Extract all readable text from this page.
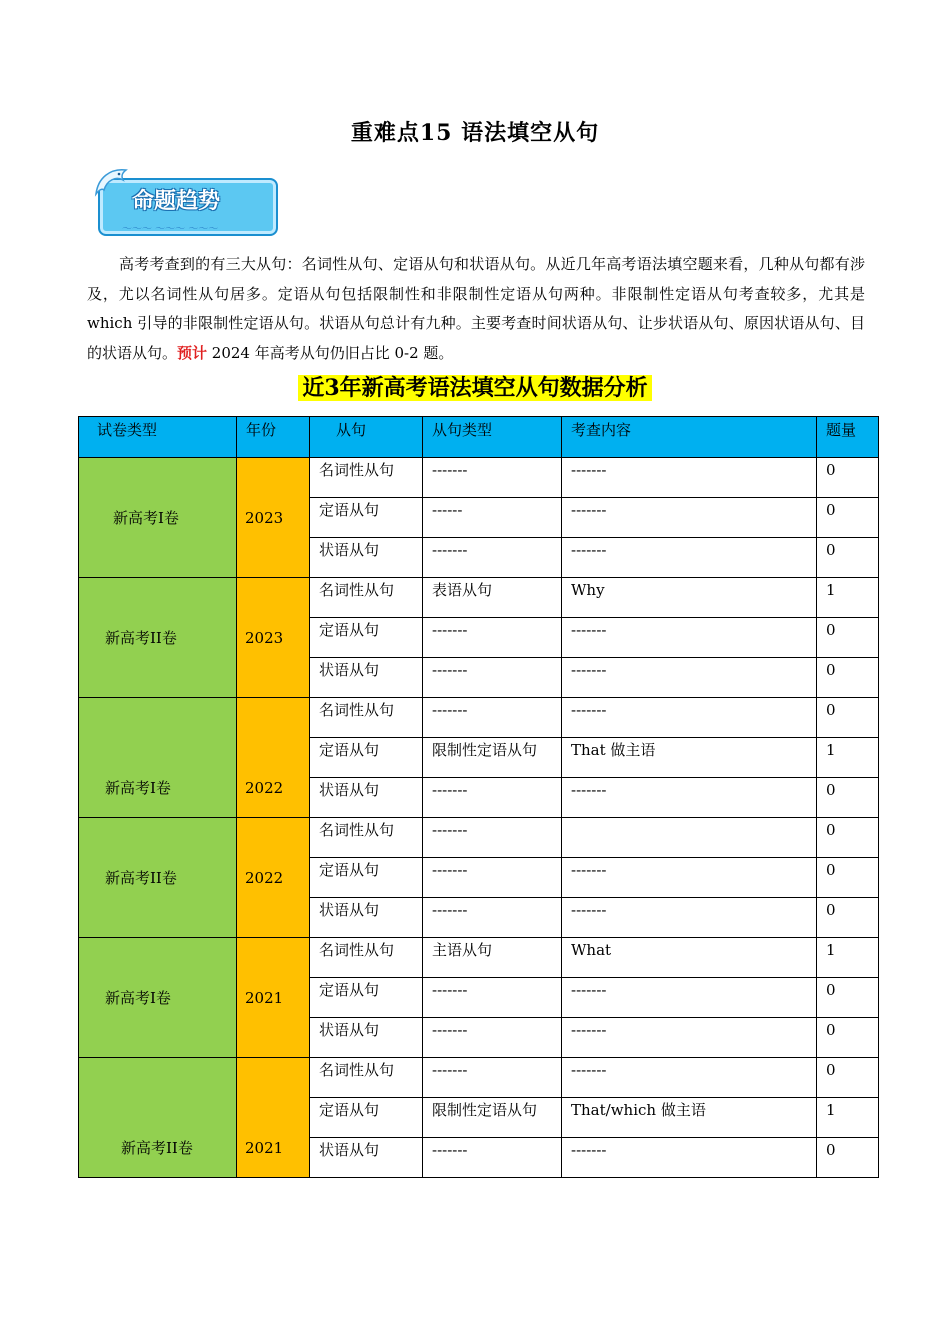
重难点15 语法填空从句
命题趋势
〜〜〜 〜〜〜 〜〜〜
高考考查到的有三大从句：名词性从句、定语从句和状语从句。从近几年高考语法填空题来看，几种从句都有涉及，尤以名词性从句居多。定语从句包括限制性和非限制性定语从句两种。非限制性定语从句考查较多，尤其是 which 引导的非限制性定语从句。状语从句总计有九种。主要考查时间状语从句、让步状语从句、原因状语从句、目的状语从句。预计 2024 年高考从句仍旧占比 0-2 题。
近3年新高考语法填空从句数据分析
试卷类型	年份	从句	从句类型	考查内容	题量
新高考I卷	2023	名词性从句	-------	-------	0
		定语从句	------	-------	0
		状语从句	-------	-------	0
新高考II卷	2023	名词性从句	表语从句	Why	1
		定语从句	-------	-------	0
		状语从句	-------	-------	0
新高考I卷	2022	名词性从句	-------	-------	0
		定语从句	限制性定语从句	That 做主语	1
		状语从句	-------	-------	0
新高考II卷	2022	名词性从句	-------		0
		定语从句	-------	-------	0
		状语从句	-------	-------	0
新高考I卷	2021	名词性从句	主语从句	What	1
		定语从句	-------	-------	0
		状语从句	-------	-------	0
新高考II卷	2021	名词性从句	-------	-------	0
		定语从句	限制性定语从句	That/which 做主语	1
		状语从句	-------	-------	0
